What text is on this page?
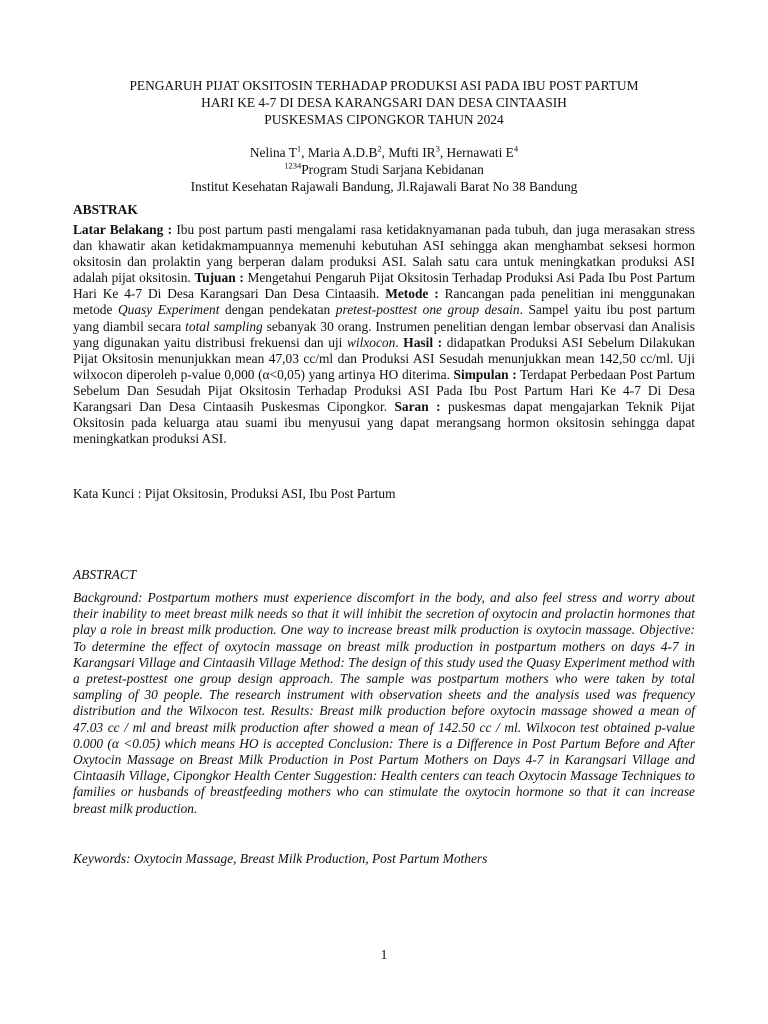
PENGARUH PIJAT OKSITOSIN TERHADAP PRODUKSI ASI PADA IBU POST PARTUM
HARI KE 4-7 DI DESA KARANGSARI DAN DESA CINTAASIH
PUSKESMAS CIPONGKOR TAHUN 2024
Nelina $T^1$, Maria $A.D.B^2$, Mufti $IR^3$, Hernawati $E^4$
$^{1234}$Program Studi Sarjana Kebidanan
Institut Kesehatan Rajawali Bandung, Jl.Rajawali Barat No 38 Bandung
ABSTRAK
Latar Belakang : Ibu post partum pasti mengalami rasa ketidaknyamanan pada tubuh, dan juga merasakan stress dan khawatir akan ketidakmampuannya memenuhi kebutuhan ASI sehingga akan menghambat seksesi hormon oksitosin dan prolaktin yang berperan dalam produksi ASI. Salah satu cara untuk meningkatkan produksi ASI adalah pijat oksitosin. Tujuan : Mengetahui Pengaruh Pijat Oksitosin Terhadap Produksi Asi Pada Ibu Post Partum Hari Ke 4-7 Di Desa Karangsari Dan Desa Cintaasih. Metode : Rancangan pada penelitian ini menggunakan metode Quasy Experiment dengan pendekatan pretest-posttest one group desain. Sampel yaitu ibu post partum yang diambil secara total sampling sebanyak 30 orang. Instrumen penelitian dengan lembar observasi dan Analisis yang digunakan yaitu distribusi frekuensi dan uji wilxocon. Hasil : didapatkan Produksi ASI Sebelum Dilakukan Pijat Oksitosin menunjukkan mean 47,03 cc/ml dan Produksi ASI Sesudah menunjukkan mean 142,50 cc/ml. Uji wilxocon diperoleh p-value 0,000 (α<0,05) yang artinya HO diterima. Simpulan : Terdapat Perbedaan Post Partum Sebelum Dan Sesudah Pijat Oksitosin Terhadap Produksi ASI Pada Ibu Post Partum Hari Ke 4-7 Di Desa Karangsari Dan Desa Cintaasih Puskesmas Cipongkor. Saran : puskesmas dapat mengajarkan Teknik Pijat Oksitosin pada keluarga atau suami ibu menyusui yang dapat merangsang hormon oksitosin sehingga dapat meningkatkan produksi ASI.
Kata Kunci : Pijat Oksitosin, Produksi ASI, Ibu Post Partum
ABSTRACT
Background: Postpartum mothers must experience discomfort in the body, and also feel stress and worry about their inability to meet breast milk needs so that it will inhibit the secretion of oxytocin and prolactin hormones that play a role in breast milk production. One way to increase breast milk production is oxytocin massage. Objective: To determine the effect of oxytocin massage on breast milk production in postpartum mothers on days 4-7 in Karangsari Village and Cintaasih Village Method: The design of this study used the Quasy Experiment method with a pretest-posttest one group design approach. The sample was postpartum mothers who were taken by total sampling of 30 people. The research instrument with observation sheets and the analysis used was frequency distribution and the Wilxocon test. Results: Breast milk production before oxytocin massage showed a mean of 47.03 cc / ml and breast milk production after showed a mean of 142.50 cc / ml. Wilxocon test obtained p-value 0.000 (α <0.05) which means HO is accepted Conclusion: There is a Difference in Post Partum Before and After Oxytocin Massage on Breast Milk Production in Post Partum Mothers on Days 4-7 in Karangsari Village and Cintaasih Village, Cipongkor Health Center Suggestion: Health centers can teach Oxytocin Massage Techniques to families or husbands of breastfeeding mothers who can stimulate the oxytocin hormone so that it can increase breast milk production.
Keywords: Oxytocin Massage, Breast Milk Production, Post Partum Mothers
1
